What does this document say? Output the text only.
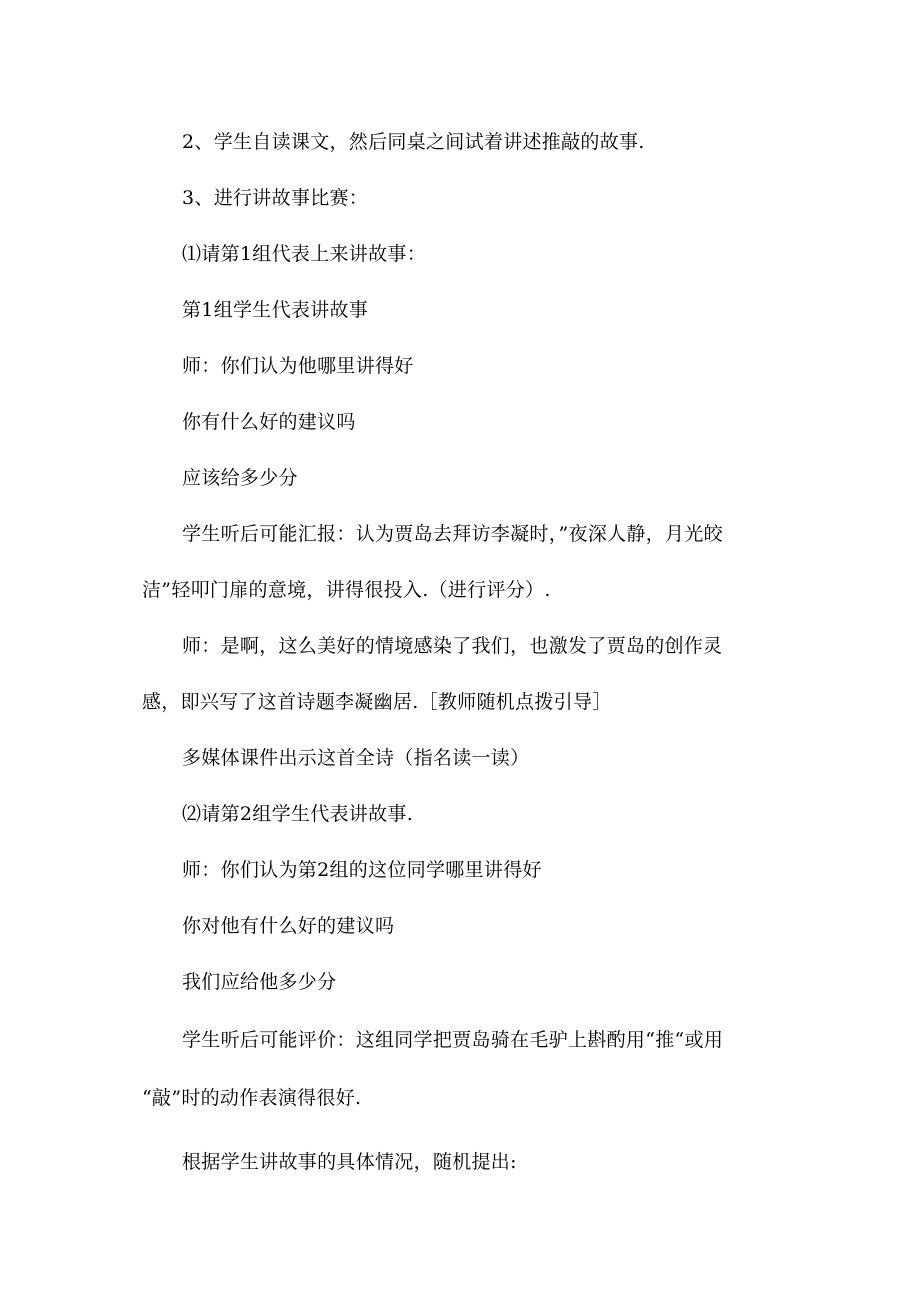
2、学生自读课文，然后同桌之间试着讲述推敲的故事.
3、进行讲故事比赛：
⑴请第1组代表上来讲故事：
第1组学生代表讲故事
师：你们认为他哪里讲得好
你有什么好的建议吗
应该给多少分
学生听后可能汇报：认为贾岛去拜访李凝时，”夜深人静，月光皎
洁”轻叩门扉的意境，讲得很投入.（进行评分）.
师：是啊，这么美好的情境感染了我们，也激发了贾岛的创作灵
感，即兴写了这首诗题李凝幽居.［教师随机点拨引导］
多媒体课件出示这首全诗（指名读一读）
⑵请第2组学生代表讲故事.
师：你们认为第2组的这位同学哪里讲得好
你对他有什么好的建议吗
我们应给他多少分
学生听后可能评价：这组同学把贾岛骑在毛驴上斟酌用“推“或用
“敲”时的动作表演得很好.
根据学生讲故事的具体情况，随机提出:
